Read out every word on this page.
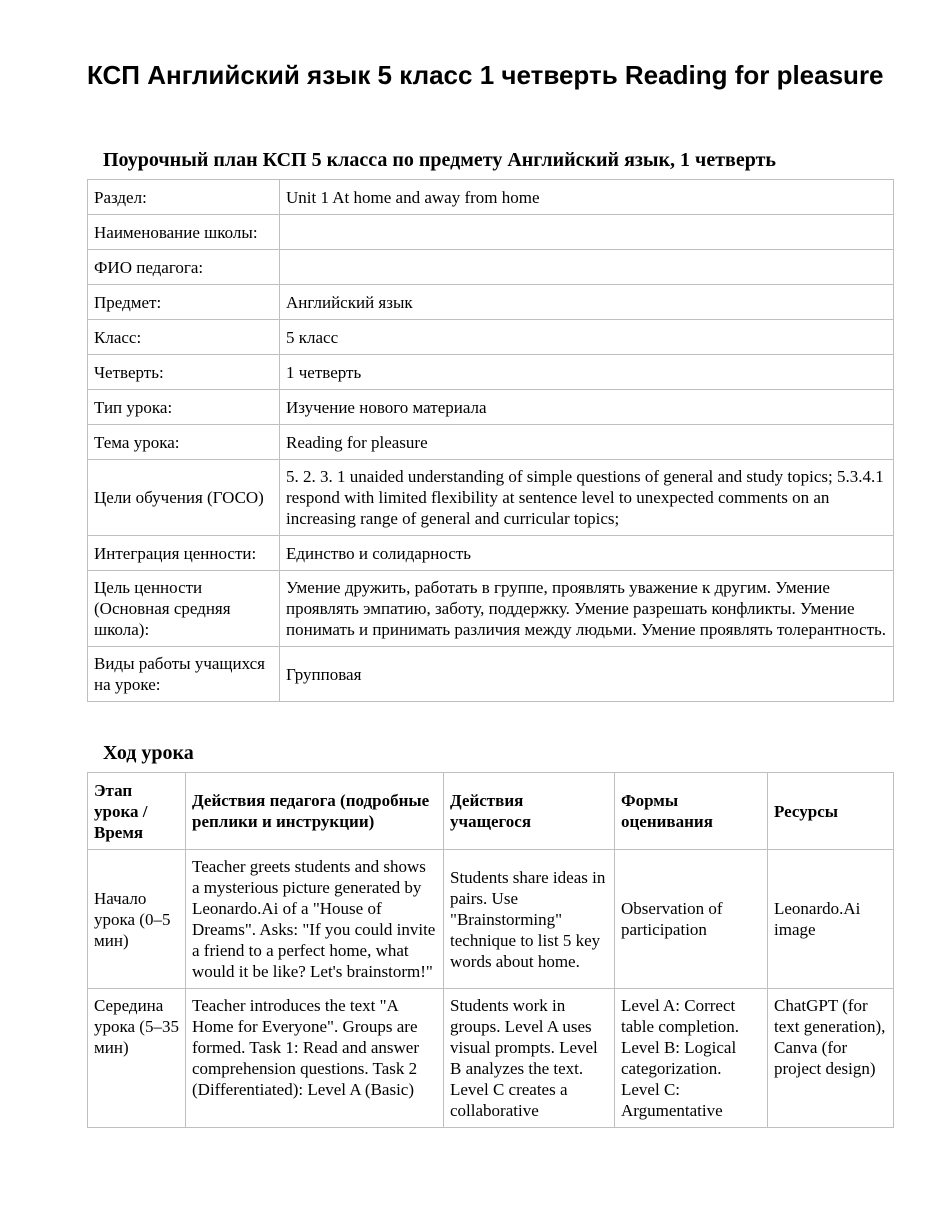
КСП Английский язык 5 класс 1 четверть Reading for pleasure
Поурочный план КСП 5 класса по предмету Английский язык, 1 четверть
Раздел:	Unit 1 At home and away from home
Наименование школы:	
ФИО педагога:	
Предмет:	Английский язык
Класс:	5 класс
Четверть:	1 четверть
Тип урока:	Изучение нового материала
Тема урока:	Reading for pleasure
Цели обучения (ГОСО)	5. 2. 3. 1 unaided understanding of simple questions of general and study topics; 5.3.4.1 respond with limited flexibility at sentence level to unexpected comments on an increasing range of general and curricular topics;
Интеграция ценности:	Единство и солидарность
Цель ценности (Основная средняя школа):	Умение дружить, работать в группе, проявлять уважение к другим. Умение проявлять эмпатию, заботу, поддержку. Умение разрешать конфликты. Умение понимать и принимать различия между людьми. Умение проявлять толерантность.
Виды работы учащихся на уроке:	Групповая
Ход урока
Этап урока / Время	Действия педагога (подробные реплики и инструкции)	Действия учащегося	Формы оценивания	Ресурсы
Начало урока (0–5 мин)	Teacher greets students and shows a mysterious picture generated by Leonardo.Ai of a "House of Dreams". Asks: "If you could invite a friend to a perfect home, what would it be like? Let's brainstorm!"	Students share ideas in pairs. Use "Brainstorming" technique to list 5 key words about home.	Observation of participation	Leonardo.Ai image
Середина урока (5–35 мин)	Teacher introduces the text "A Home for Everyone". Groups are formed. Task 1: Read and answer comprehension questions. Task 2 (Differentiated): Level A (Basic)	Students work in groups. Level A uses visual prompts. Level B analyzes the text. Level C creates a collaborative	Level A: Correct table completion. Level B: Logical categorization. Level C: Argumentative	ChatGPT (for text generation), Canva (for project design)
